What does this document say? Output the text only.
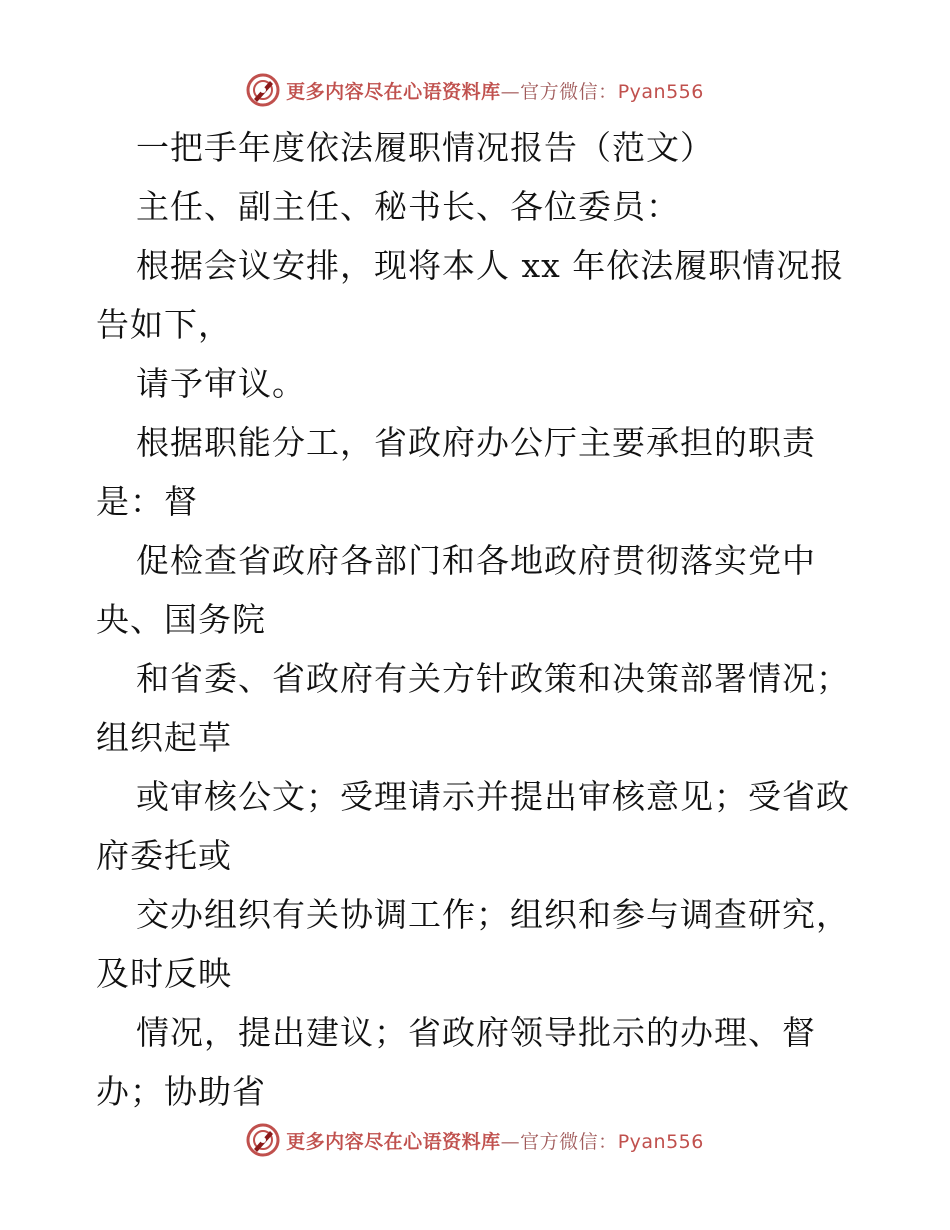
更多内容尽在心语资料库—官方微信：Pyan556
一把手年度依法履职情况报告（范文）
主任、副主任、秘书长、各位委员：
根据会议安排，现将本人 xx 年依法履职情况报
告如下，
请予审议。
根据职能分工，省政府办公厅主要承担的职责
是：督
促检查省政府各部门和各地政府贯彻落实党中
央、国务院
和省委、省政府有关方针政策和决策部署情况；
组织起草
或审核公文；受理请示并提出审核意见；受省政
府委托或
交办组织有关协调工作；组织和参与调查研究，
及时反映
情况，提出建议；省政府领导批示的办理、督
办；协助省
更多内容尽在心语资料库—官方微信：Pyan556
